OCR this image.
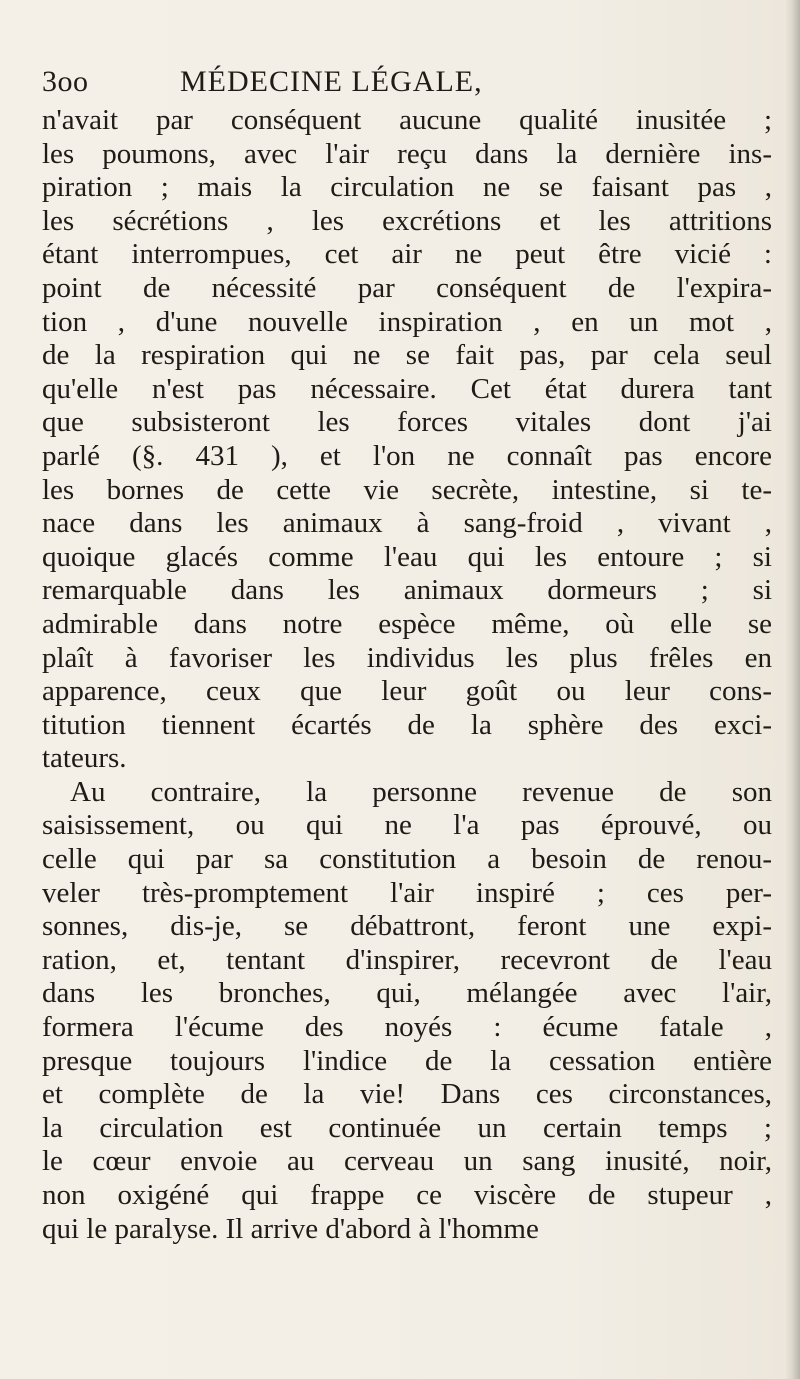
3oo	MÉDECINE LÉGALE,
n'avait par conséquent aucune qualité inusitée ;
les poumons, avec l'air reçu dans la dernière ins-
piration ; mais la circulation ne se faisant pas ,
les sécrétions , les excrétions et les attritions
étant interrompues, cet air ne peut être vicié :
point de nécessité par conséquent de l'expira-
tion , d'une nouvelle inspiration , en un mot ,
de la respiration qui ne se fait pas, par cela seul
qu'elle n'est pas nécessaire. Cet état durera tant
que subsisteront les forces vitales dont j'ai
parlé (§. 431 ), et l'on ne connaît pas encore
les bornes de cette vie secrète, intestine, si te-
nace dans les animaux à sang-froid , vivant ,
quoique glacés comme l'eau qui les entoure ; si
remarquable dans les animaux dormeurs ; si
admirable dans notre espèce même, où elle se
plaît à favoriser les individus les plus frêles en
apparence, ceux que leur goût ou leur cons-
titution tiennent écartés de la sphère des exci-
tateurs.
Au contraire, la personne revenue de son
saisissement, ou qui ne l'a pas éprouvé, ou
celle qui par sa constitution a besoin de renou-
veler très-promptement l'air inspiré ; ces per-
sonnes, dis-je, se débattront, feront une expi-
ration, et, tentant d'inspirer, recevront de l'eau
dans les bronches, qui, mélangée avec l'air,
formera l'écume des noyés : écume fatale ,
presque toujours l'indice de la cessation entière
et complète de la vie! Dans ces circonstances,
la circulation est continuée un certain temps ;
le cœur envoie au cerveau un sang inusité, noir,
non oxigéné qui frappe ce viscère de stupeur ,
qui le paralyse. Il arrive d'abord à l'homme
